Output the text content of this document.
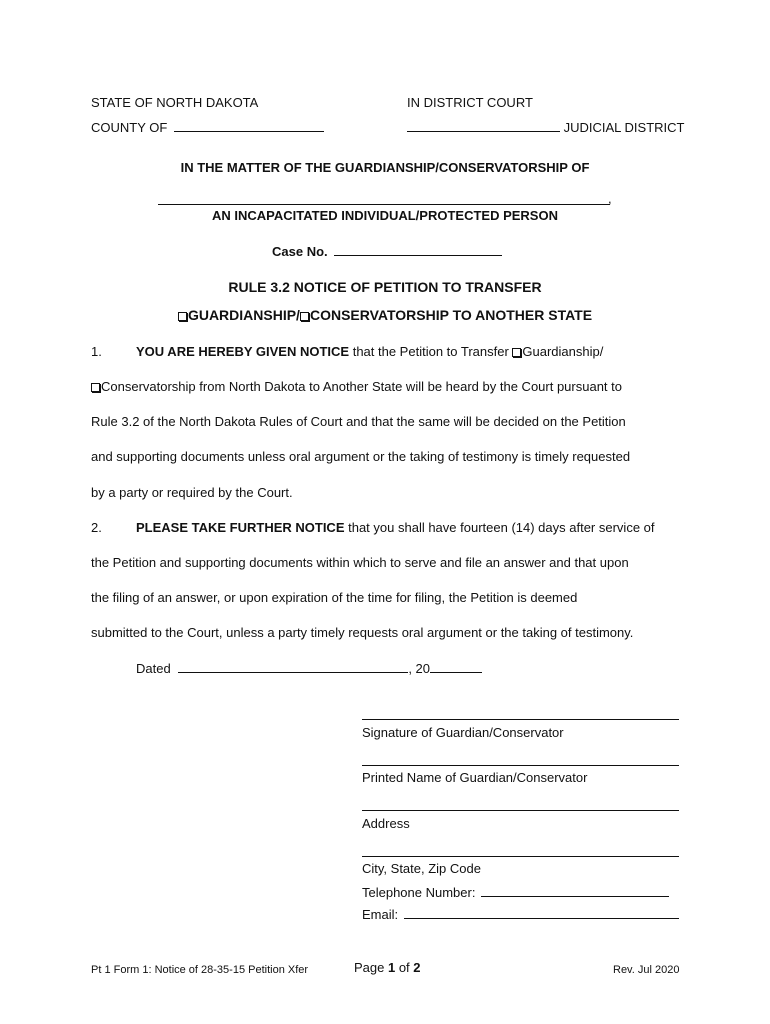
STATE OF NORTH DAKOTA	IN DISTRICT COURT
COUNTY OF	JUDICIAL DISTRICT
IN THE MATTER OF THE GUARDIANSHIP/CONSERVATORSHIP OF
,
AN INCAPACITATED INDIVIDUAL/PROTECTED PERSON
Case No.
RULE 3.2 NOTICE OF PETITION TO TRANSFER
GUARDIANSHIP/ CONSERVATORSHIP TO ANOTHER STATE
1.	YOU ARE HEREBY GIVEN NOTICE that the Petition to Transfer Guardianship/
Conservatorship from North Dakota to Another State will be heard by the Court pursuant to
Rule 3.2 of the North Dakota Rules of Court and that the same will be decided on the Petition
and supporting documents unless oral argument or the taking of testimony is timely requested
by a party or required by the Court.
2.	PLEASE TAKE FURTHER NOTICE that you shall have fourteen (14) days after service of
the Petition and supporting documents within which to serve and file an answer and that upon
the filing of an answer, or upon expiration of the time for filing, the Petition is deemed
submitted to the Court, unless a party timely requests oral argument or the taking of testimony.
Dated	, 20
Signature of Guardian/Conservator
Printed Name of Guardian/Conservator
Address
City, State, Zip Code
Telephone Number:
Email:
Pt 1 Form 1: Notice of 28-35-15 Petition Xfer	Page 1 of 2	Rev. Jul 2020
